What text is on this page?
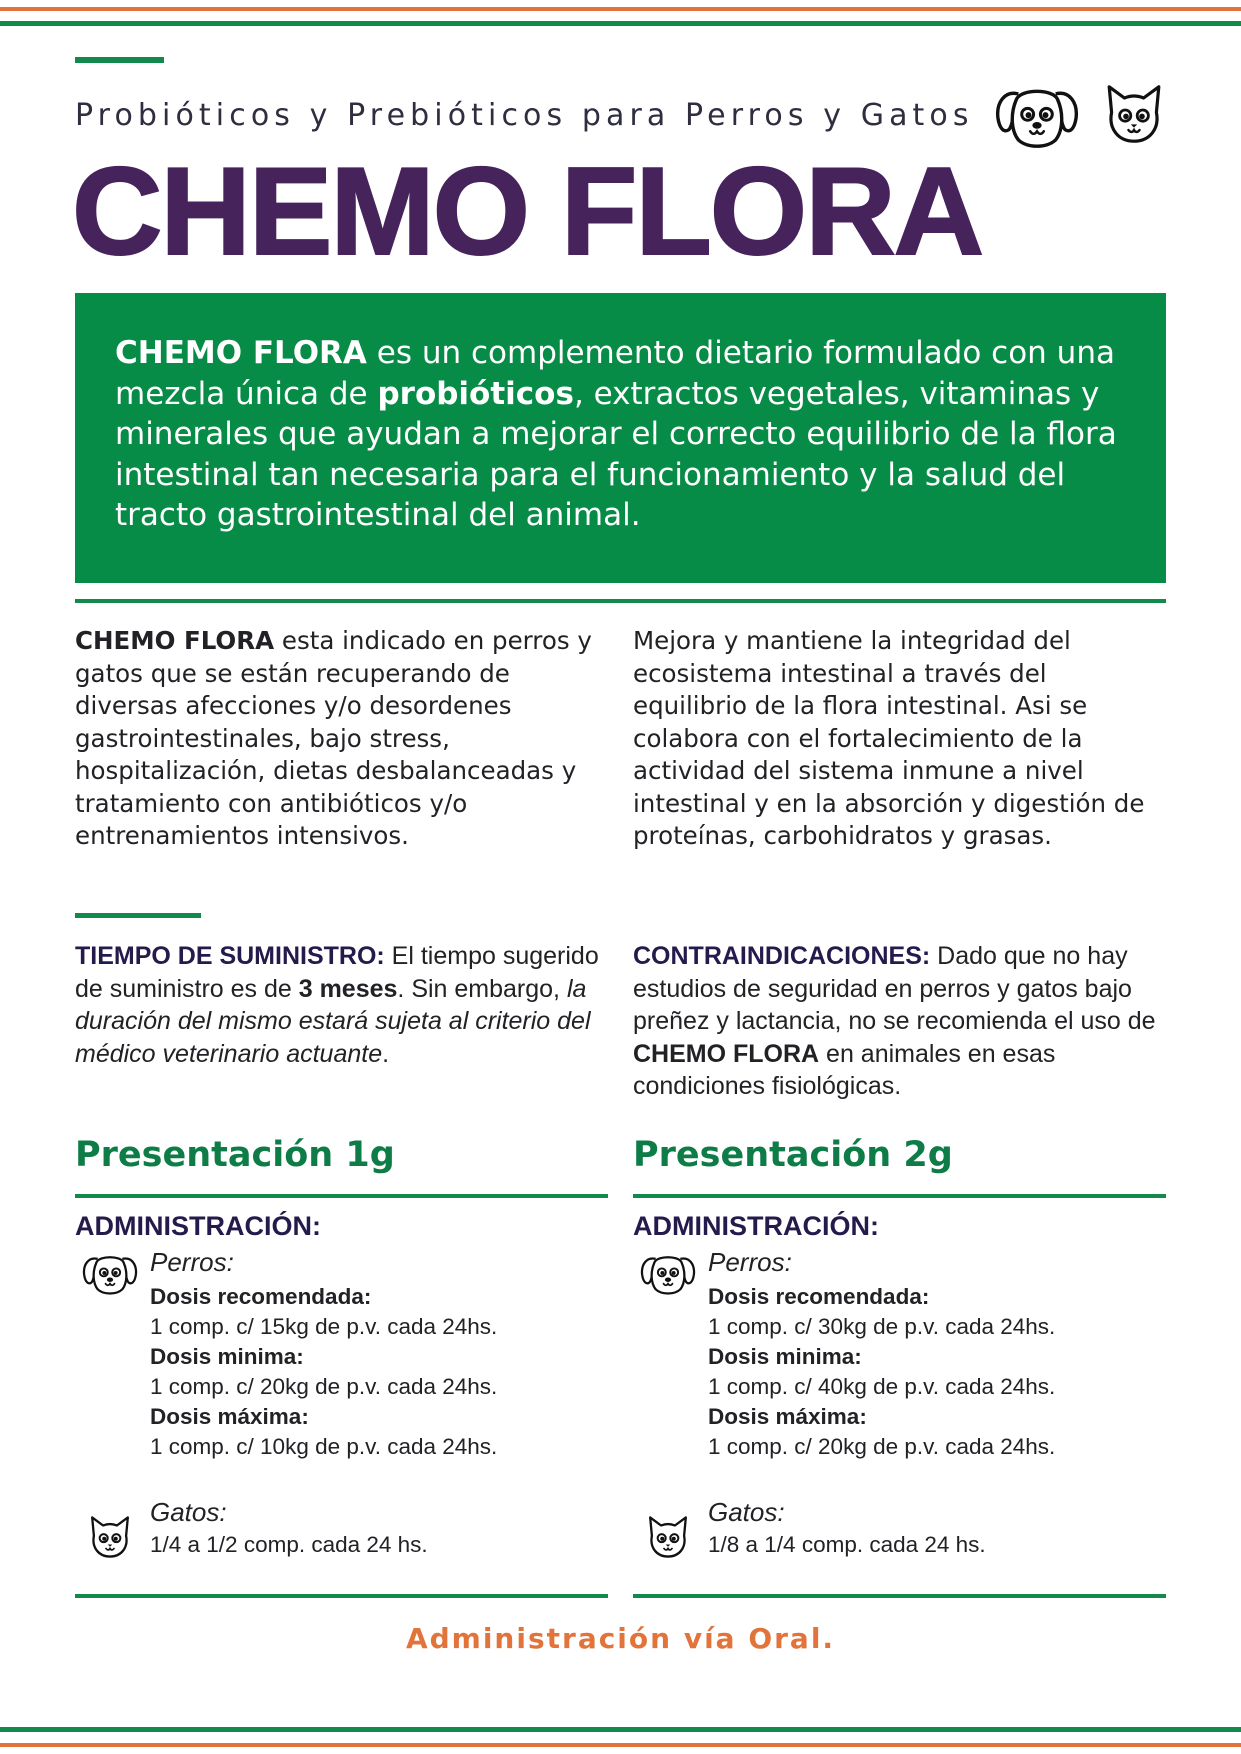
Probióticos y Prebióticos para Perros y Gatos
CHEMO FLORA

CHEMO FLORA es un complemento dietario formulado con una mezcla única de probióticos, extractos vegetales, vitaminas y minerales que ayudan a mejorar el correcto equilibrio de la flora intestinal tan necesaria para el funcionamiento y la salud del tracto gastrointestinal del animal.

CHEMO FLORA esta indicado en perros y gatos que se están recuperando de diversas afecciones y/o desordenes gastrointestinales, bajo stress, hospitalización, dietas desbalanceadas y tratamiento con antibióticos y/o entrenamientos intensivos.

Mejora y mantiene la integridad del ecosistema intestinal a través del equilibrio de la flora intestinal. Asi se colabora con el fortalecimiento de la actividad del sistema inmune a nivel intestinal y en la absorción y digestión de proteínas, carbohidratos y grasas.

TIEMPO DE SUMINISTRO: El tiempo sugerido de suministro es de 3 meses. Sin embargo, la duración del mismo estará sujeta al criterio del médico veterinario actuante.

CONTRAINDICACIONES: Dado que no hay estudios de seguridad en perros y gatos bajo preñez y lactancia, no se recomienda el uso de CHEMO FLORA en animales en esas condiciones fisiológicas.

Presentación 1g
ADMINISTRACIÓN:
Perros:
Dosis recomendada:
1 comp. c/ 15kg de p.v. cada 24hs.
Dosis minima:
1 comp. c/ 20kg de p.v. cada 24hs.
Dosis máxima:
1 comp. c/ 10kg de p.v. cada 24hs.
Gatos:
1/4 a 1/2 comp. cada 24 hs.
Presentación 2g
ADMINISTRACIÓN:
Perros:
Dosis recomendada:
1 comp. c/ 30kg de p.v. cada 24hs.
Dosis minima:
1 comp. c/ 40kg de p.v. cada 24hs.
Dosis máxima:
1 comp. c/ 20kg de p.v. cada 24hs.
Gatos:
1/8 a 1/4 comp. cada 24 hs.
Administración vía Oral.
